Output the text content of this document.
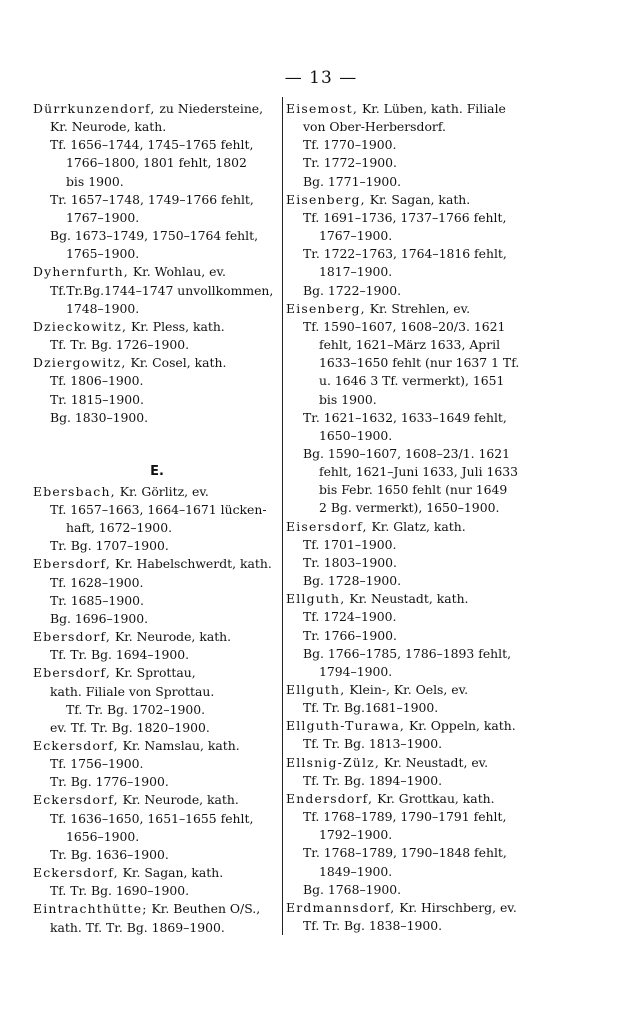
— 13 —
Dürrkunzendorf, zu Niedersteine,
Kr. Neurode, kath.
Tf. 1656–1744, 1745–1765 fehlt,
1766–1800, 1801 fehlt, 1802
bis 1900.
Tr. 1657–1748, 1749–1766 fehlt,
1767–1900.
Bg. 1673–1749, 1750–1764 fehlt,
1765–1900.
Dyhernfurth, Kr. Wohlau, ev.
Tf.Tr.Bg.1744–1747 unvollkommen,
1748–1900.
Dzieckowitz, Kr. Pless, kath.
Tf. Tr. Bg. 1726–1900.
Dziergowitz, Kr. Cosel, kath.
Tf. 1806–1900.
Tr. 1815–1900.
Bg. 1830–1900.
E.
Ebersbach, Kr. Görlitz, ev.
Tf. 1657–1663, 1664–1671 lücken-
haft, 1672–1900.
Tr. Bg. 1707–1900.
Ebersdorf, Kr. Habelschwerdt, kath.
Tf. 1628–1900.
Tr. 1685–1900.
Bg. 1696–1900.
Ebersdorf, Kr. Neurode, kath.
Tf. Tr. Bg. 1694–1900.
Ebersdorf, Kr. Sprottau,
kath. Filiale von Sprottau.
Tf. Tr. Bg. 1702–1900.
ev. Tf. Tr. Bg. 1820–1900.
Eckersdorf, Kr. Namslau, kath.
Tf. 1756–1900.
Tr. Bg. 1776–1900.
Eckersdorf, Kr. Neurode, kath.
Tf. 1636–1650, 1651–1655 fehlt,
1656–1900.
Tr. Bg. 1636–1900.
Eckersdorf, Kr. Sagan, kath.
Tf. Tr. Bg. 1690–1900.
Eintrachthütte; Kr. Beuthen O/S.,
kath. Tf. Tr. Bg. 1869–1900.
Eisemost, Kr. Lüben, kath. Filiale
von Ober-Herbersdorf.
Tf. 1770–1900.
Tr. 1772–1900.
Bg. 1771–1900.
Eisenberg, Kr. Sagan, kath.
Tf. 1691–1736, 1737–1766 fehlt,
1767–1900.
Tr. 1722–1763, 1764–1816 fehlt,
1817–1900.
Bg. 1722–1900.
Eisenberg, Kr. Strehlen, ev.
Tf. 1590–1607, 1608–20/3. 1621
fehlt, 1621–März 1633, April
1633–1650 fehlt (nur 1637 1 Tf.
u. 1646 3 Tf. vermerkt), 1651
bis 1900.
Tr. 1621–1632, 1633–1649 fehlt,
1650–1900.
Bg. 1590–1607, 1608–23/1. 1621
fehlt, 1621–Juni 1633, Juli 1633
bis Febr. 1650 fehlt (nur 1649
2 Bg. vermerkt), 1650–1900.
Eisersdorf, Kr. Glatz, kath.
Tf. 1701–1900.
Tr. 1803–1900.
Bg. 1728–1900.
Ellguth, Kr. Neustadt, kath.
Tf. 1724–1900.
Tr. 1766–1900.
Bg. 1766–1785, 1786–1893 fehlt,
1794–1900.
Ellguth, Klein-, Kr. Oels, ev.
Tf. Tr. Bg.1681–1900.
Ellguth-Turawa, Kr. Oppeln, kath.
Tf. Tr. Bg. 1813–1900.
Ellsnig-Zülz, Kr. Neustadt, ev.
Tf. Tr. Bg. 1894–1900.
Endersdorf, Kr. Grottkau, kath.
Tf. 1768–1789, 1790–1791 fehlt,
1792–1900.
Tr. 1768–1789, 1790–1848 fehlt,
1849–1900.
Bg. 1768–1900.
Erdmannsdorf, Kr. Hirschberg, ev.
Tf. Tr. Bg. 1838–1900.
